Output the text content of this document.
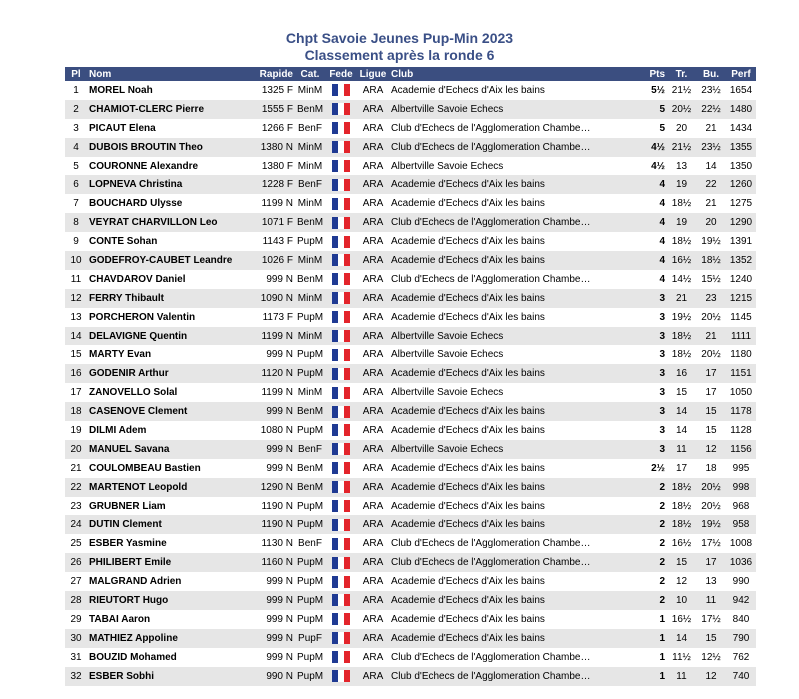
Chpt Savoie Jeunes Pup-Min 2023
Classement après la ronde 6
Pl	Nom	Rapide	Cat.	Fede	Ligue	Club	Pts	Tr.	Bu.	Perf
1	MOREL Noah	1325 F	MinM		ARA	Academie d'Echecs d'Aix les bains	5½	21½	23½	1654
2	CHAMIOT-CLERC Pierre	1555 F	BenM		ARA	Albertville Savoie Echecs	5	20½	22½	1480
3	PICAUT Elena	1266 F	BenF		ARA	Club d'Echecs de l'Agglomeration Chambe…	5	20	21	1434
4	DUBOIS BROUTIN Theo	1380 N	MinM		ARA	Club d'Echecs de l'Agglomeration Chambe…	4½	21½	23½	1355
5	COURONNE Alexandre	1380 F	MinM		ARA	Albertville Savoie Echecs	4½	13	14	1350
6	LOPNEVA Christina	1228 F	BenF		ARA	Academie d'Echecs d'Aix les bains	4	19	22	1260
7	BOUCHARD Ulysse	1199 N	MinM		ARA	Academie d'Echecs d'Aix les bains	4	18½	21	1275
8	VEYRAT CHARVILLON Leo	1071 F	BenM		ARA	Club d'Echecs de l'Agglomeration Chambe…	4	19	20	1290
9	CONTE Sohan	1143 F	PupM		ARA	Academie d'Echecs d'Aix les bains	4	18½	19½	1391
10	GODEFROY-CAUBET Leandre	1026 F	MinM		ARA	Academie d'Echecs d'Aix les bains	4	16½	18½	1352
11	CHAVDAROV Daniel	999 N	BenM		ARA	Club d'Echecs de l'Agglomeration Chambe…	4	14½	15½	1240
12	FERRY Thibault	1090 N	MinM		ARA	Academie d'Echecs d'Aix les bains	3	21	23	1215
13	PORCHERON Valentin	1173 F	PupM		ARA	Academie d'Echecs d'Aix les bains	3	19½	20½	1145
14	DELAVIGNE Quentin	1199 N	MinM		ARA	Albertville Savoie Echecs	3	18½	21	1111
15	MARTY Evan	999 N	PupM		ARA	Albertville Savoie Echecs	3	18½	20½	1180
16	GODENIR Arthur	1120 N	PupM		ARA	Academie d'Echecs d'Aix les bains	3	16	17	1151
17	ZANOVELLO Solal	1199 N	MinM		ARA	Albertville Savoie Echecs	3	15	17	1050
18	CASENOVE Clement	999 N	BenM		ARA	Academie d'Echecs d'Aix les bains	3	14	15	1178
19	DILMI Adem	1080 N	PupM		ARA	Academie d'Echecs d'Aix les bains	3	14	15	1128
20	MANUEL Savana	999 N	BenF		ARA	Albertville Savoie Echecs	3	11	12	1156
21	COULOMBEAU Bastien	999 N	BenM		ARA	Academie d'Echecs d'Aix les bains	2½	17	18	995
22	MARTENOT Leopold	1290 N	BenM		ARA	Academie d'Echecs d'Aix les bains	2	18½	20½	998
23	GRUBNER Liam	1190 N	PupM		ARA	Academie d'Echecs d'Aix les bains	2	18½	20½	968
24	DUTIN Clement	1190 N	PupM		ARA	Academie d'Echecs d'Aix les bains	2	18½	19½	958
25	ESBER Yasmine	1130 N	BenF		ARA	Club d'Echecs de l'Agglomeration Chambe…	2	16½	17½	1008
26	PHILIBERT Emile	1160 N	PupM		ARA	Club d'Echecs de l'Agglomeration Chambe…	2	15	17	1036
27	MALGRAND Adrien	999 N	PupM		ARA	Academie d'Echecs d'Aix les bains	2	12	13	990
28	RIEUTORT Hugo	999 N	PupM		ARA	Academie d'Echecs d'Aix les bains	2	10	11	942
29	TABAI Aaron	999 N	PupM		ARA	Academie d'Echecs d'Aix les bains	1	16½	17½	840
30	MATHIEZ Appoline	999 N	PupF		ARA	Academie d'Echecs d'Aix les bains	1	14	15	790
31	BOUZID Mohamed	999 N	PupM		ARA	Club d'Echecs de l'Agglomeration Chambe…	1	11½	12½	762
32	ESBER Sobhi	990 N	PupM		ARA	Club d'Echecs de l'Agglomeration Chambe…	1	11	12	740
